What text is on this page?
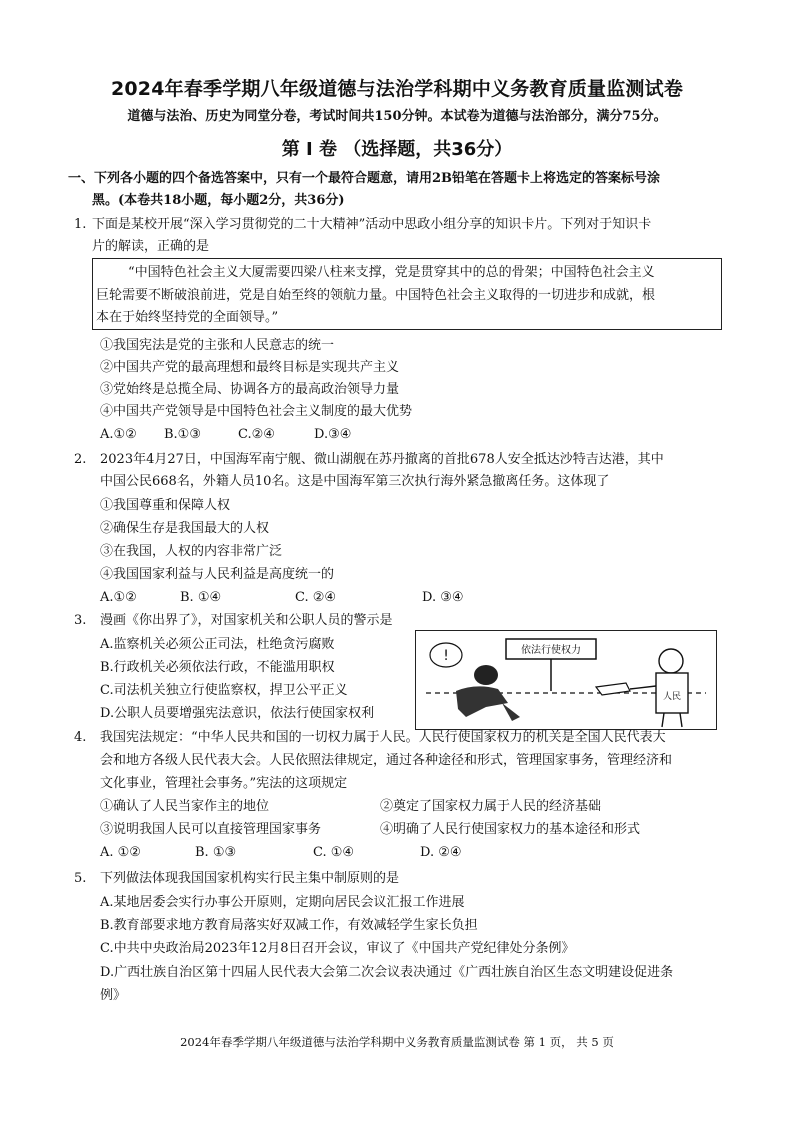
2024年春季学期八年级道德与法治学科期中义务教育质量监测试卷
道德与法治、历史为同堂分卷，考试时间共150分钟。本试卷为道德与法治部分，满分75分。
第 I 卷 （选择题，共36分）
一、下列各小题的四个备选答案中，只有一个最符合题意，请用2B铅笔在答题卡上将选定的答案标号涂
黑。(本卷共18小题，每小题2分，共36分)
1. 下面是某校开展“深入学习贯彻党的二十大精神”活动中思政小组分享的知识卡片。下列对于知识卡
片的解读，正确的是
“中国特色社会主义大厦需要四梁八柱来支撑，党是贯穿其中的总的骨架；中国特色社会主义
巨轮需要不断破浪前进，党是自始至终的领航力量。中国特色社会主义取得的一切进步和成就，根
本在于始终坚持党的全面领导。”
①我国宪法是党的主张和人民意志的统一
②中国共产党的最高理想和最终目标是实现共产主义
③党始终是总揽全局、协调各方的最高政治领导力量
④中国共产党领导是中国特色社会主义制度的最大优势
A.①② B.①③	C.②④	D.③④
2. 2023年4月27日，中国海军南宁舰、微山湖舰在苏丹撤离的首批678人安全抵达沙特吉达港，其中
中国公民668名，外籍人员10名。这是中国海军第三次执行海外紧急撤离任务。这体现了
①我国尊重和保障人权
②确保生存是我国最大的人权
③在我国，人权的内容非常广泛
④我国国家利益与人民利益是高度统一的
A.①②	B. ①④	C. ②④	D. ③④
3. 漫画《你出界了》，对国家机关和公职人员的警示是
A.监察机关必须公正司法，杜绝贪污腐败
B.行政机关必须依法行政，不能滥用职权
C.司法机关独立行使监察权，捍卫公平正义
D.公职人员要增强宪法意识，依法行使国家权利
依法行使权力
!
人民
4. 我国宪法规定：“中华人民共和国的一切权力属于人民。人民行使国家权力的机关是全国人民代表大
会和地方各级人民代表大会。人民依照法律规定，通过各种途径和形式，管理国家事务，管理经济和
文化事业，管理社会事务。”宪法的这项规定
①确认了人民当家作主的地位	②奠定了国家权力属于人民的经济基础
③说明我国人民可以直接管理国家事务	④明确了人民行使国家权力的基本途径和形式
A. ①②	B. ①③	C. ①④	D. ②④
5. 下列做法体现我国国家机构实行民主集中制原则的是
A.某地居委会实行办事公开原则，定期向居民会议汇报工作进展
B.教育部要求地方教育局落实好双减工作，有效减轻学生家长负担
C.中共中央政治局2023年12月8日召开会议，审议了《中国共产党纪律处分条例》
D.广西壮族自治区第十四届人民代表大会第二次会议表决通过《广西壮族自治区生态文明建设促进条
例》
2024年春季学期八年级道德与法治学科期中义务教育质量监测试卷 第 1 页， 共 5 页
